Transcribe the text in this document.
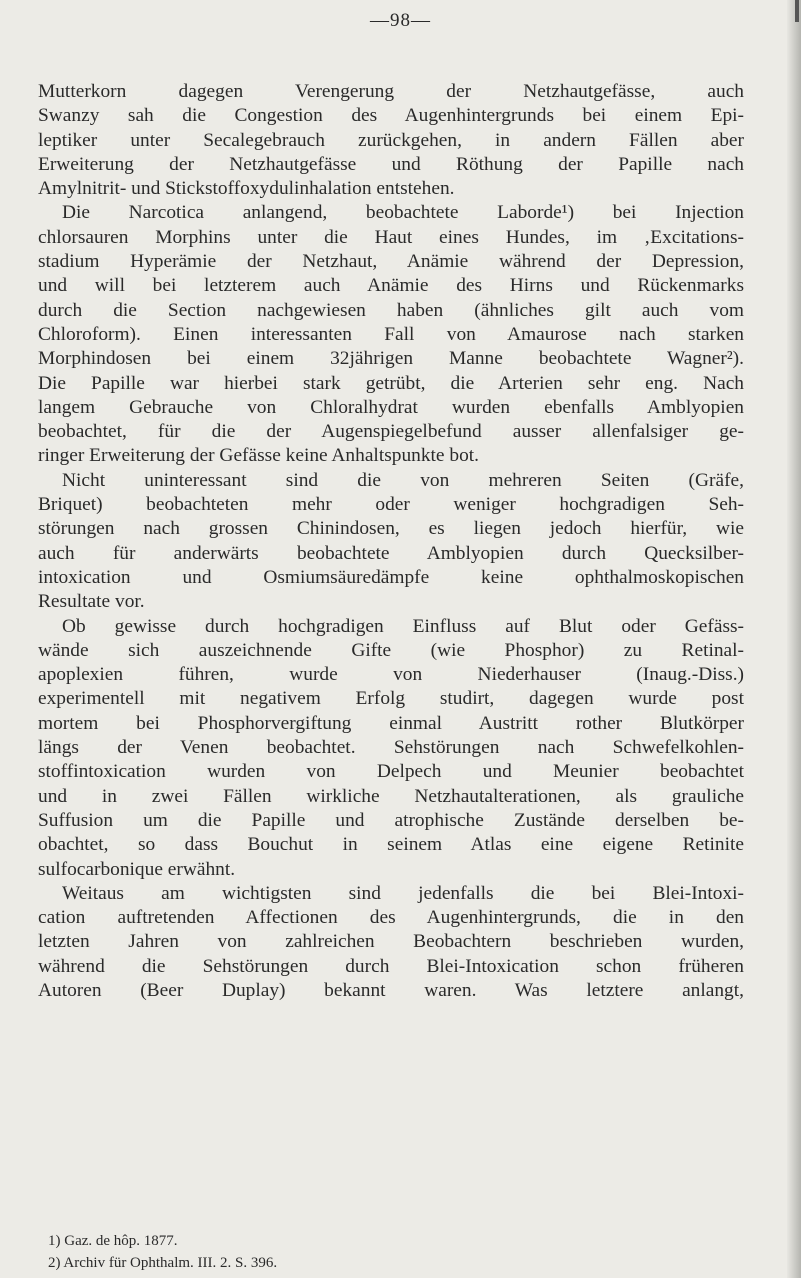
—98—
Mutterkorn dagegen Verengerung der Netzhautgefässe, auch
Swanzy sah die Congestion des Augenhintergrunds bei einem Epi-
leptiker unter Secalegebrauch zurückgehen, in andern Fällen aber
Erweiterung der Netzhautgefässe und Röthung der Papille nach
Amylnitrit- und Stickstoffoxydulinhalation entstehen.
Die Narcotica anlangend, beobachtete Laborde¹) bei Injection
chlorsauren Morphins unter die Haut eines Hundes, im ‚Excitations-
stadium Hyperämie der Netzhaut, Anämie während der Depression,
und will bei letzterem auch Anämie des Hirns und Rückenmarks
durch die Section nachgewiesen haben (ähnliches gilt auch vom
Chloroform). Einen interessanten Fall von Amaurose nach starken
Morphindosen bei einem 32jährigen Manne beobachtete Wagner²).
Die Papille war hierbei stark getrübt, die Arterien sehr eng. Nach
langem Gebrauche von Chloralhydrat wurden ebenfalls Amblyopien
beobachtet, für die der Augenspiegelbefund ausser allenfalsiger ge-
ringer Erweiterung der Gefässe keine Anhaltspunkte bot.
Nicht uninteressant sind die von mehreren Seiten (Gräfe,
Briquet) beobachteten mehr oder weniger hochgradigen Seh-
störungen nach grossen Chinindosen, es liegen jedoch hierfür, wie
auch für anderwärts beobachtete Amblyopien durch Quecksilber-
intoxication und Osmiumsäuredämpfe keine ophthalmoskopischen
Resultate vor.
Ob gewisse durch hochgradigen Einfluss auf Blut oder Gefäss-
wände sich auszeichnende Gifte (wie Phosphor) zu Retinal-
apoplexien führen, wurde von Niederhauser (Inaug.-Diss.)
experimentell mit negativem Erfolg studirt, dagegen wurde post
mortem bei Phosphorvergiftung einmal Austritt rother Blutkörper
längs der Venen beobachtet. Sehstörungen nach Schwefelkohlen-
stoffintoxication wurden von Delpech und Meunier beobachtet
und in zwei Fällen wirkliche Netzhautalterationen, als grauliche
Suffusion um die Papille und atrophische Zustände derselben be-
obachtet, so dass Bouchut in seinem Atlas eine eigene Retinite
sulfocarbonique erwähnt.
Weitaus am wichtigsten sind jedenfalls die bei Blei-Intoxi-
cation auftretenden Affectionen des Augenhintergrunds, die in den
letzten Jahren von zahlreichen Beobachtern beschrieben wurden,
während die Sehstörungen durch Blei-Intoxication schon früheren
Autoren (Beer Duplay) bekannt waren. Was letztere anlangt,
1) Gaz. de hôp. 1877.
2) Archiv für Ophthalm. III. 2. S. 396.
